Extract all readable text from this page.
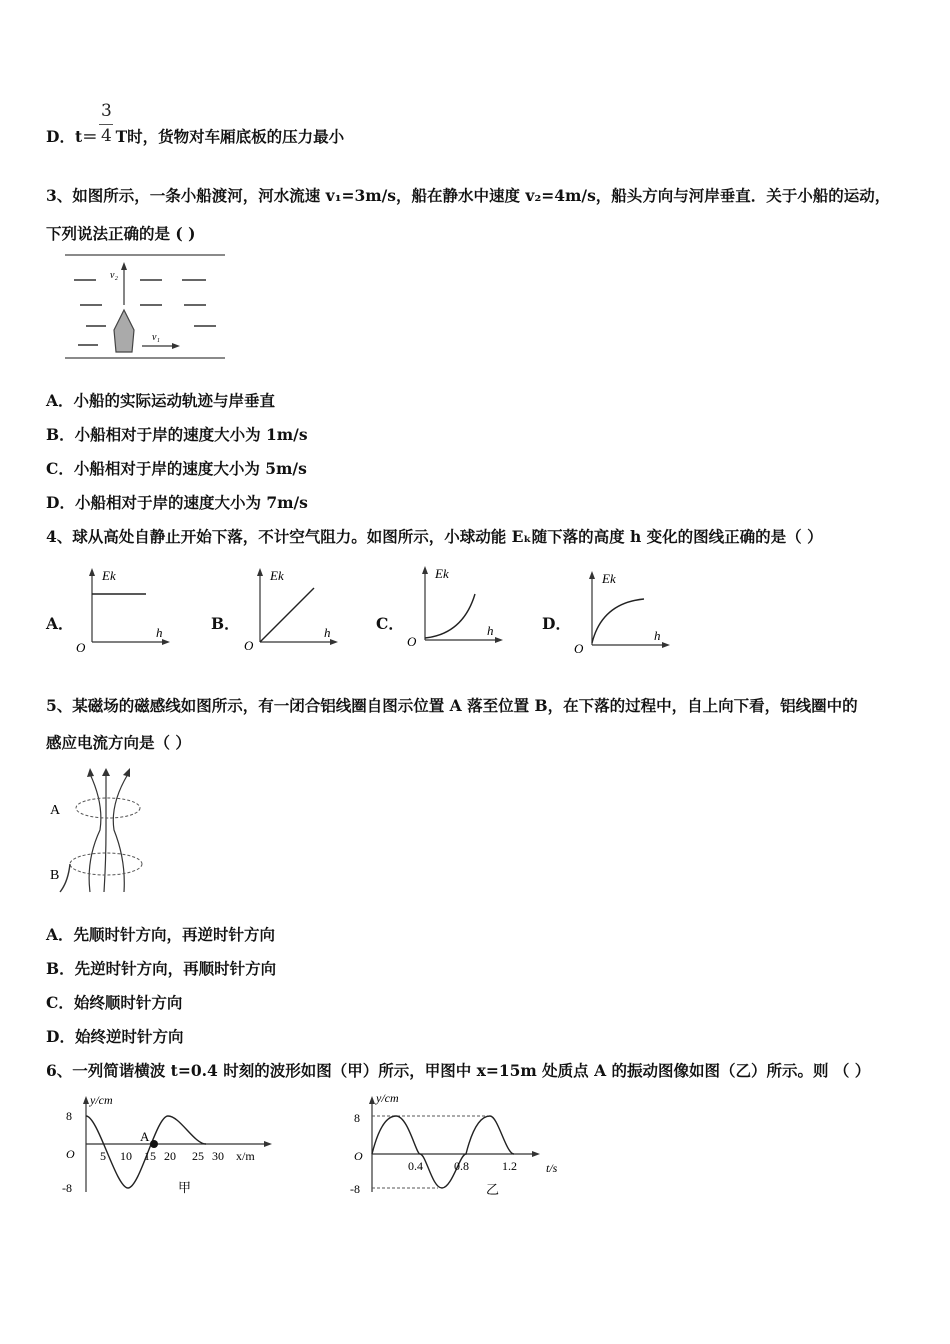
3
4
D．t＝ T时，货物对车厢底板的压力最小
3、如图所示，一条小船渡河，河水流速 v₁=3m/s，船在静水中速度 v₂=4m/s，船头方向与河岸垂直．关于小船的运动，
下列说法正确的是 ( )
v₂
v₁
A．小船的实际运动轨迹与岸垂直
B．小船相对于岸的速度大小为 1m/s
C．小船相对于岸的速度大小为 5m/s
D．小船相对于岸的速度大小为 7m/s
4、球从高处自静止开始下落，不计空气阻力。如图所示，小球动能 Eₖ随下落的高度 h 变化的图线正确的是（ ）
A．
Ek
h
O
B．
Ek
h
O
C．
Ek
h
O
D．
Ek
h
O
5、某磁场的磁感线如图所示，有一闭合铝线圈自图示位置 A 落至位置 B，在下落的过程中，自上向下看，铝线圈中的
感应电流方向是（ ）
A
B
A．先顺时针方向，再逆时针方向
B．先逆时针方向，再顺时针方向
C．始终顺时针方向
D．始终逆时针方向
6、一列简谐横波 t=0.4 时刻的波形如图（甲）所示，甲图中 x=15m 处质点 A 的振动图像如图（乙）所示。则 （ ）
y/cm
8
O
-8
A
5 10 15 20 25 30 x/m
甲
y/cm
8
O
-8
0.4	0.8	1.2 t/s
乙
